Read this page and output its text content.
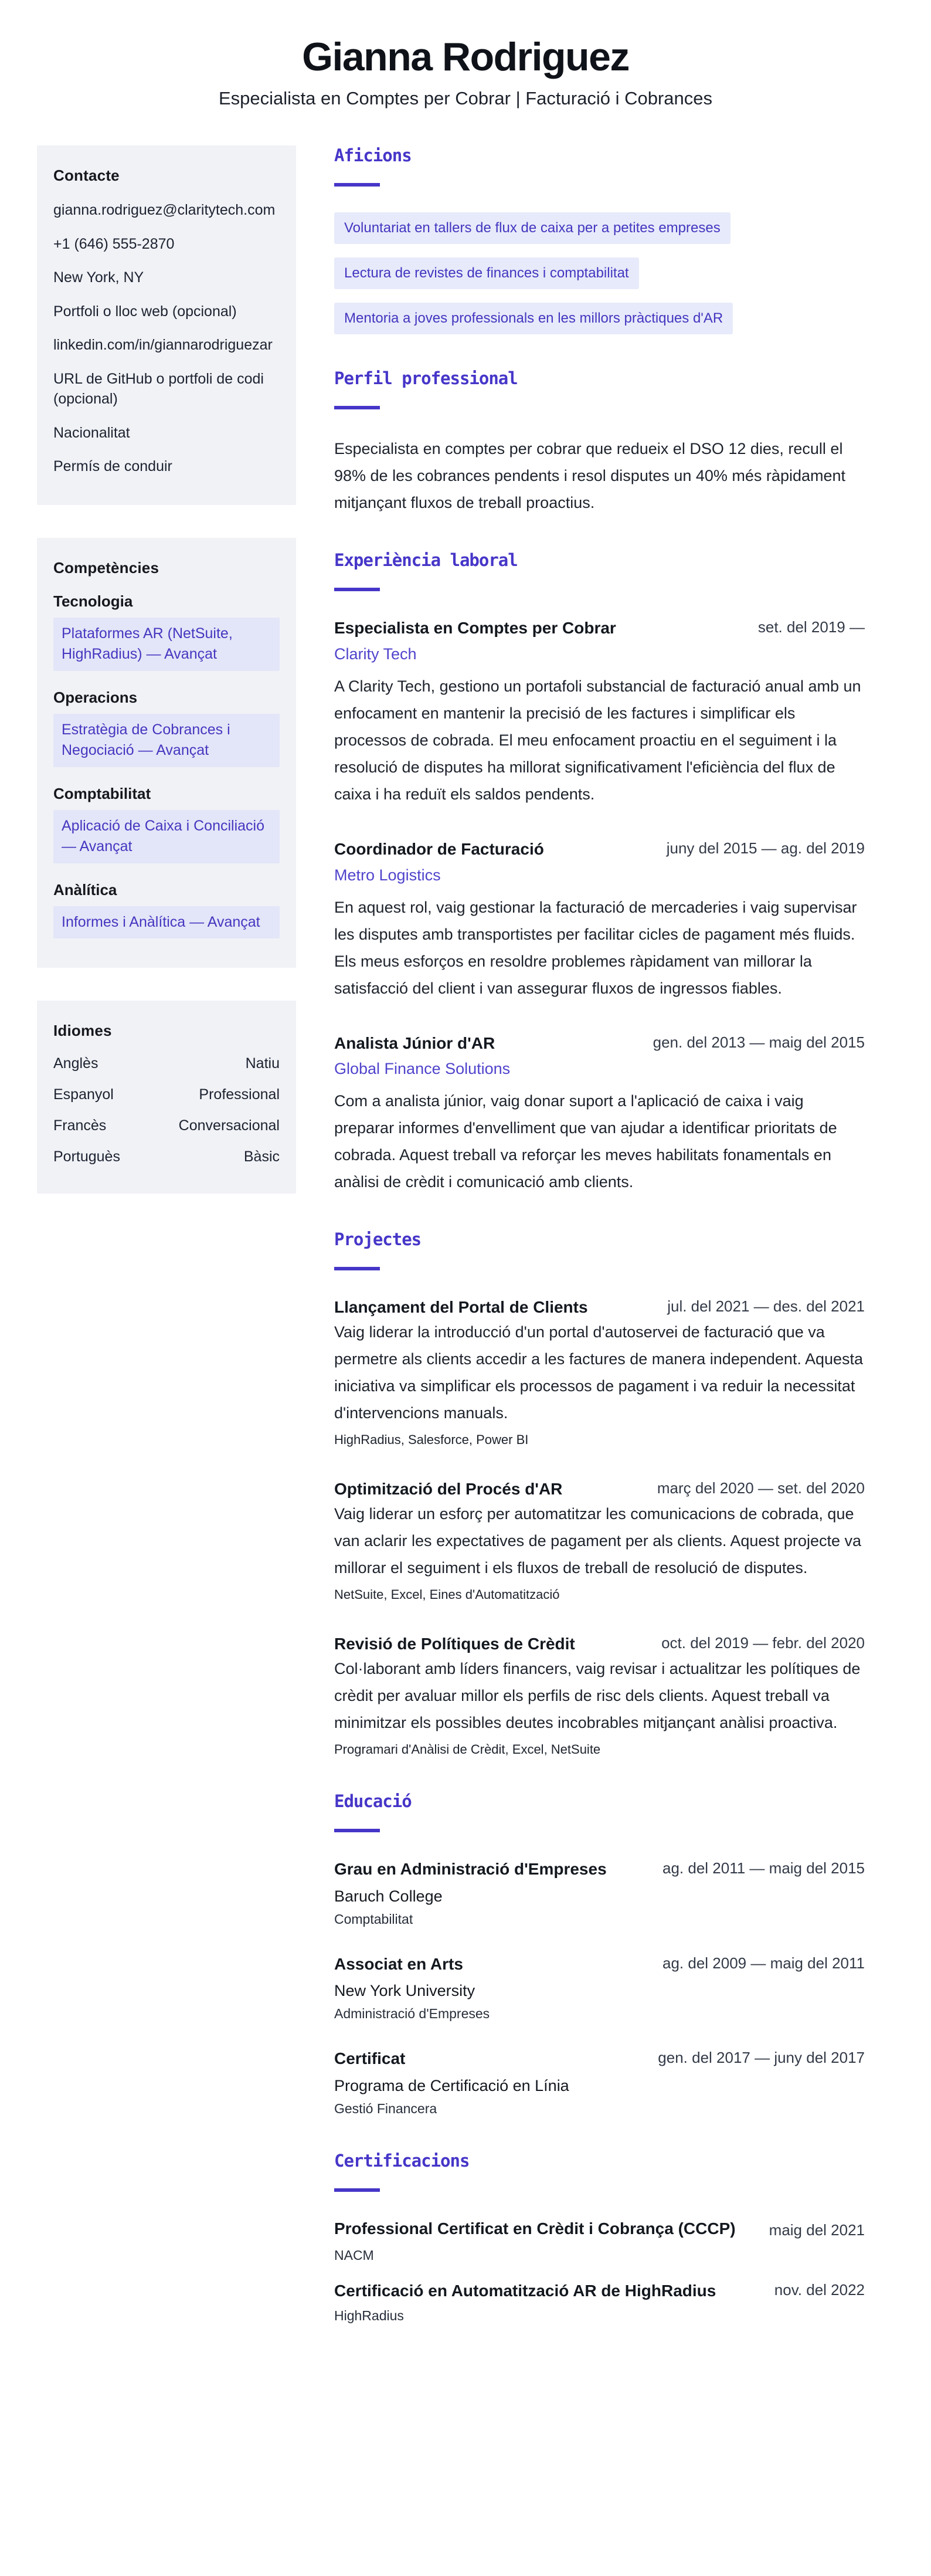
Gianna Rodriguez
Especialista en Comptes per Cobrar | Facturació i Cobrances
Contacte
gianna.rodriguez@claritytech.com
+1 (646) 555-2870
New York, NY
Portfoli o lloc web (opcional)
linkedin.com/in/giannarodriguezar
URL de GitHub o portfoli de codi (opcional)
Nacionalitat
Permís de conduir
Competències
Tecnologia
Plataformes AR (NetSuite, HighRadius) — Avançat
Operacions
Estratègia de Cobrances i Negociació — Avançat
Comptabilitat
Aplicació de Caixa i Conciliació — Avançat
Anàlítica
Informes i Anàlítica — Avançat
Idiomes
Anglès	Natiu
Espanyol	Professional
Francès	Conversacional
Portuguès	Bàsic
Aficions
Voluntariat en tallers de flux de caixa per a petites empreses
Lectura de revistes de finances i comptabilitat
Mentoria a joves professionals en les millors pràctiques d'AR
Perfil professional

Especialista en comptes per cobrar que redueix el DSO 12 dies, recull el 98% de les cobrances pendents i resol disputes un 40% més ràpidament mitjançant fluxos de treball proactius.

Experiència laboral
Especialista en Comptes per Cobrar	set. del 2019 —
Clarity Tech

A Clarity Tech, gestiono un portafoli substancial de facturació anual amb un enfocament en mantenir la precisió de les factures i simplificar els processos de cobrada. El meu enfocament proactiu en el seguiment i la resolució de disputes ha millorat significativament l'eficiència del flux de caixa i ha reduït els saldos pendents.

Coordinador de Facturació	juny del 2015 — ag. del 2019
Metro Logistics

En aquest rol, vaig gestionar la facturació de mercaderies i vaig supervisar les disputes amb transportistes per facilitar cicles de pagament més fluids. Els meus esforços en resoldre problemes ràpidament van millorar la satisfacció del client i van assegurar fluxos de ingressos fiables.

Analista Júnior d'AR	gen. del 2013 — maig del 2015
Global Finance Solutions

Com a analista júnior, vaig donar suport a l'aplicació de caixa i vaig preparar informes d'envelliment que van ajudar a identificar prioritats de cobrada. Aquest treball va reforçar les meves habilitats fonamentals en anàlisi de crèdit i comunicació amb clients.

Projectes
Llançament del Portal de Clients	jul. del 2021 — des. del 2021

Vaig liderar la introducció d'un portal d'autoservei de facturació que va permetre als clients accedir a les factures de manera independent. Aquesta iniciativa va simplificar els processos de pagament i va reduir la necessitat d'intervencions manuals.

HighRadius, Salesforce, Power BI
Optimització del Procés d'AR	març del 2020 — set. del 2020

Vaig liderar un esforç per automatitzar les comunicacions de cobrada, que van aclarir les expectatives de pagament per als clients. Aquest projecte va millorar el seguiment i els fluxos de treball de resolució de disputes.

NetSuite, Excel, Eines d'Automatització
Revisió de Polítiques de Crèdit	oct. del 2019 — febr. del 2020

Col·laborant amb líders financers, vaig revisar i actualitzar les polítiques de crèdit per avaluar millor els perfils de risc dels clients. Aquest treball va minimitzar els possibles deutes incobrables mitjançant anàlisi proactiva.

Programari d'Anàlisi de Crèdit, Excel, NetSuite
Educació
Grau en Administració d'Empreses	ag. del 2011 — maig del 2015
Baruch College
Comptabilitat
Associat en Arts	ag. del 2009 — maig del 2011
New York University
Administració d'Empreses
Certificat	gen. del 2017 — juny del 2017
Programa de Certificació en Línia
Gestió Financera
Certificacions
Professional Certificat en Crèdit i Cobrança (CCCP) maig del 2021
NACM
Certificació en Automatització AR de HighRadius	nov. del 2022
HighRadius
